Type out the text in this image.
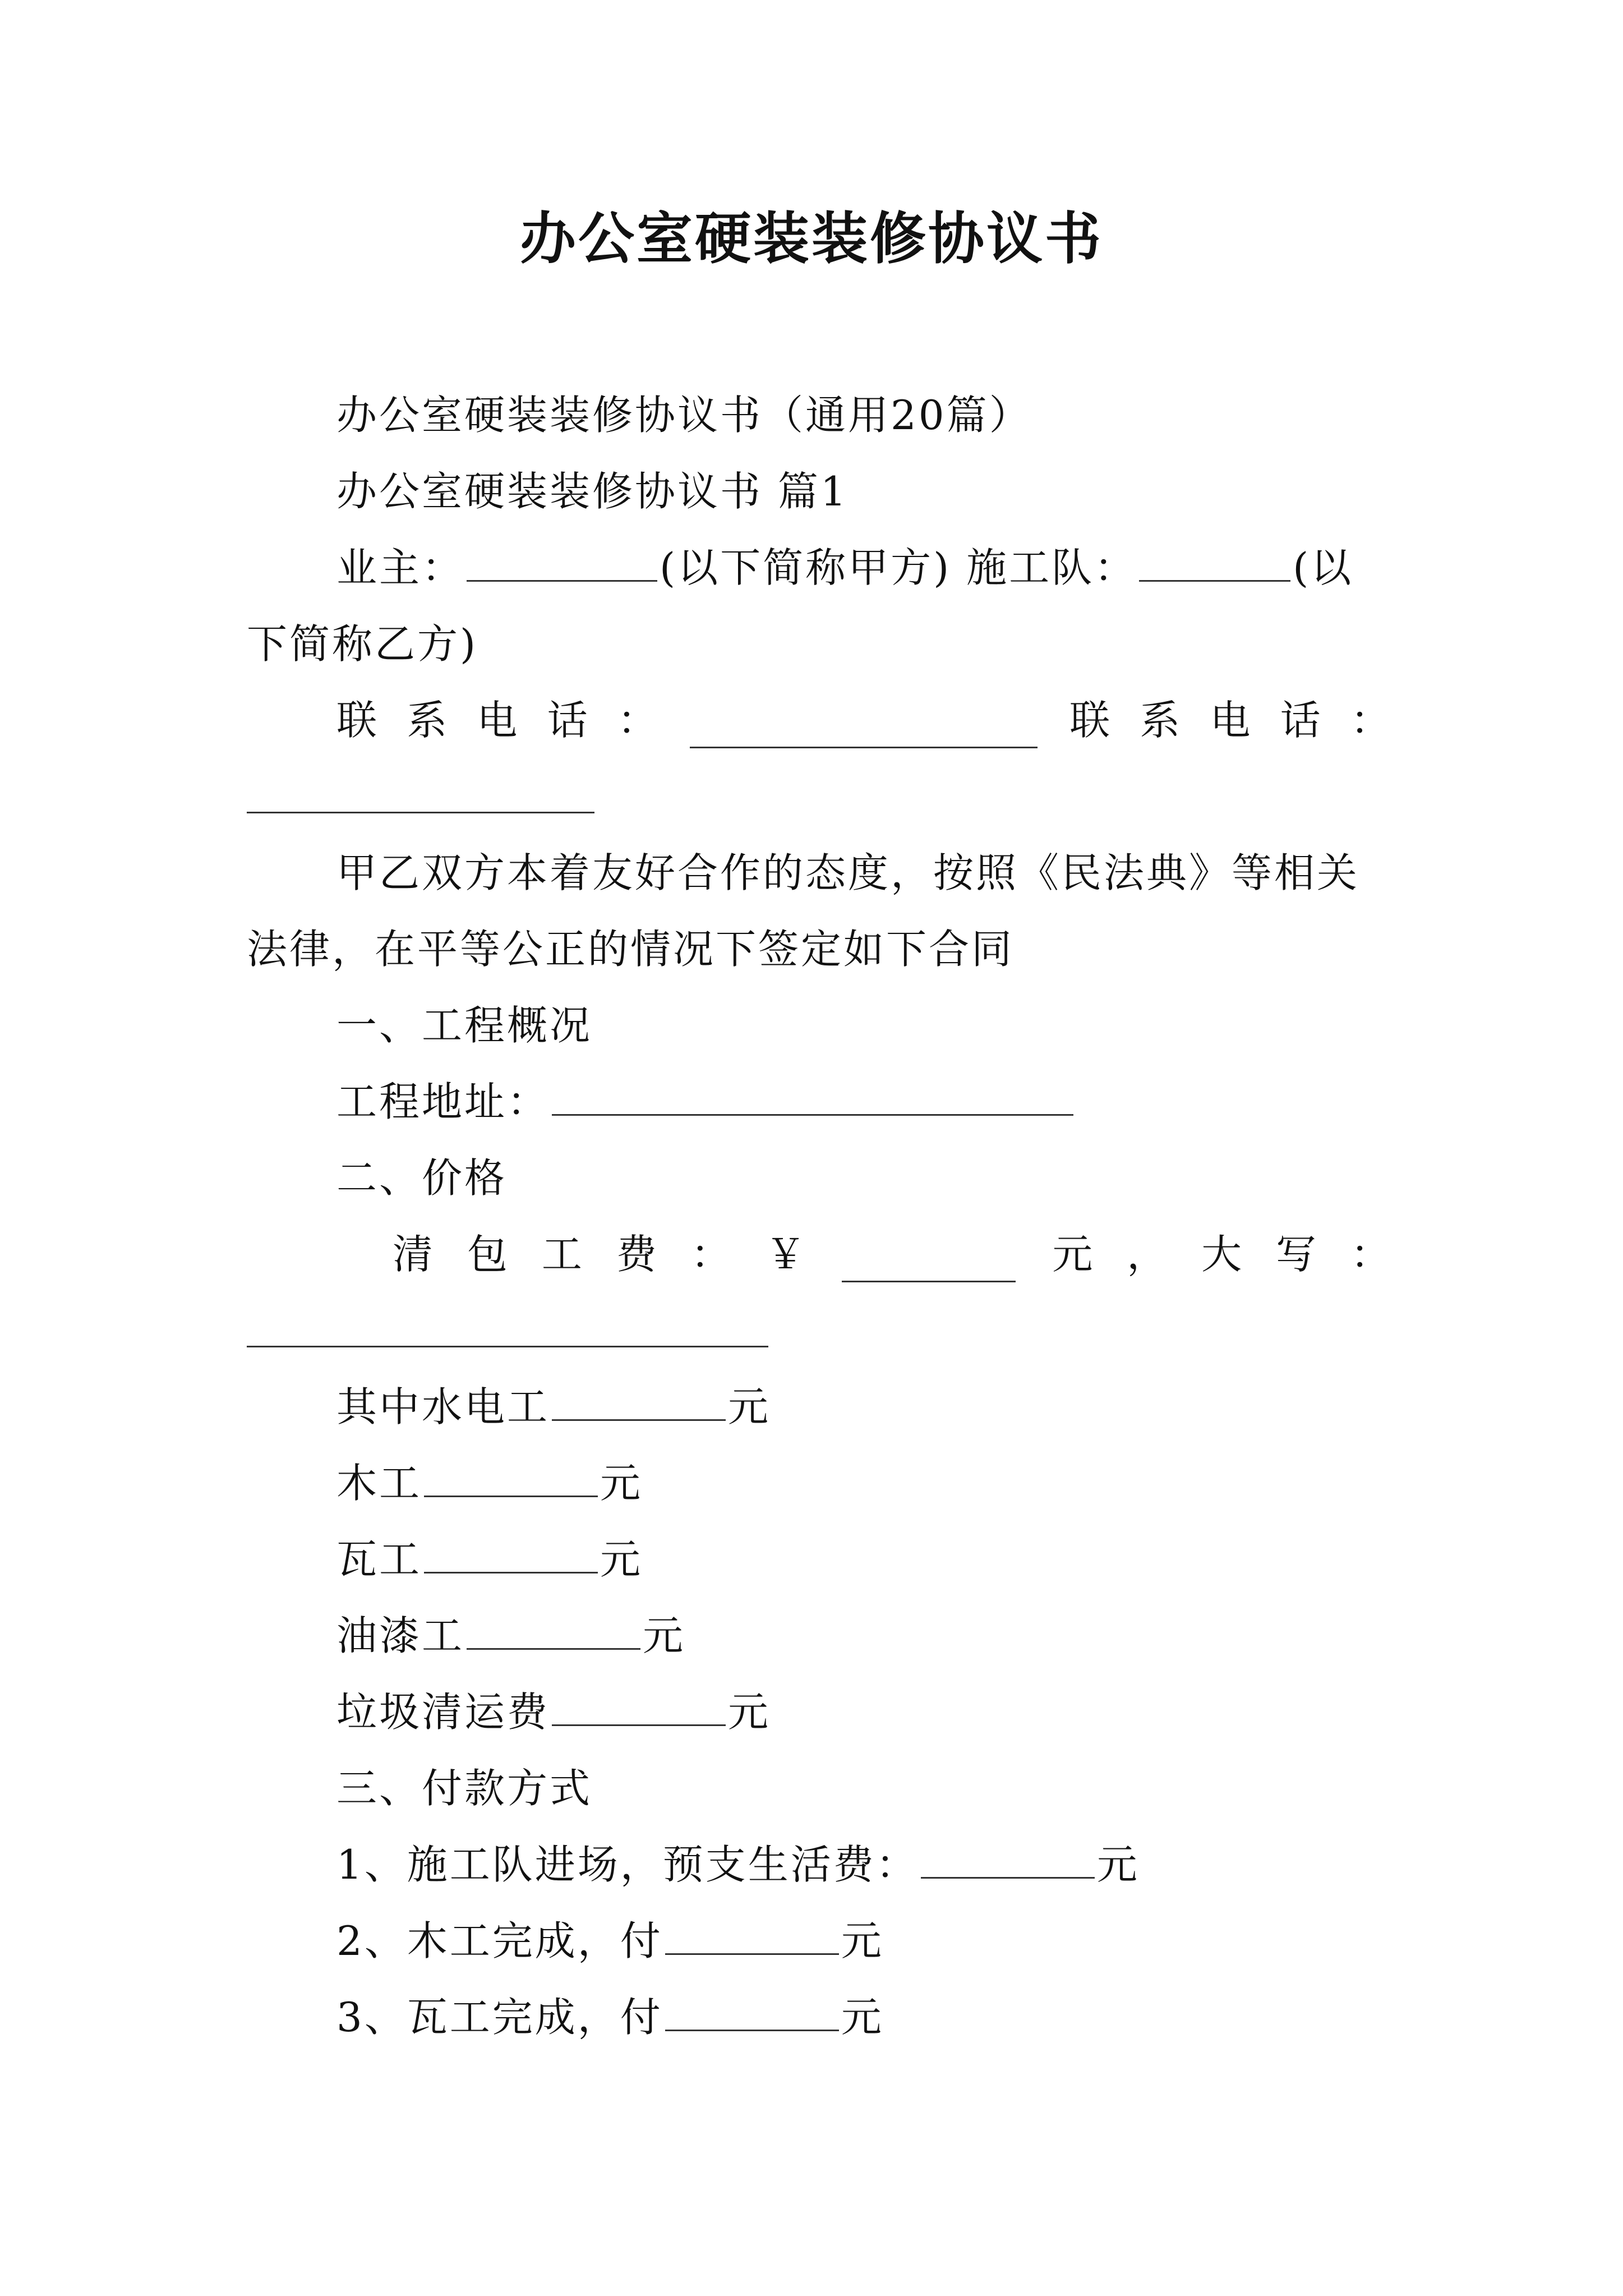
办公室硬装装修协议书
办公室硬装装修协议书（通用20篇）
办公室硬装装修协议书 篇1
业主：	(以下简称甲方) 施工队：	(以
下简称乙方)
联 系 电 话 ：	联 系 电 话 ：
甲乙双方本着友好合作的态度，按照《民法典》等相关
法律，在平等公正的情况下签定如下合同
一、工程概况
工程地址：
二、价格
清 包 工 费 ： ￥	元 ， 大 写 ：
其中水电工	元
木工	元
瓦工	元
油漆工	元
垃圾清运费	元
三、付款方式
1、施工队进场，预支生活费：	元
2、木工完成，付	元
3、瓦工完成，付	元
